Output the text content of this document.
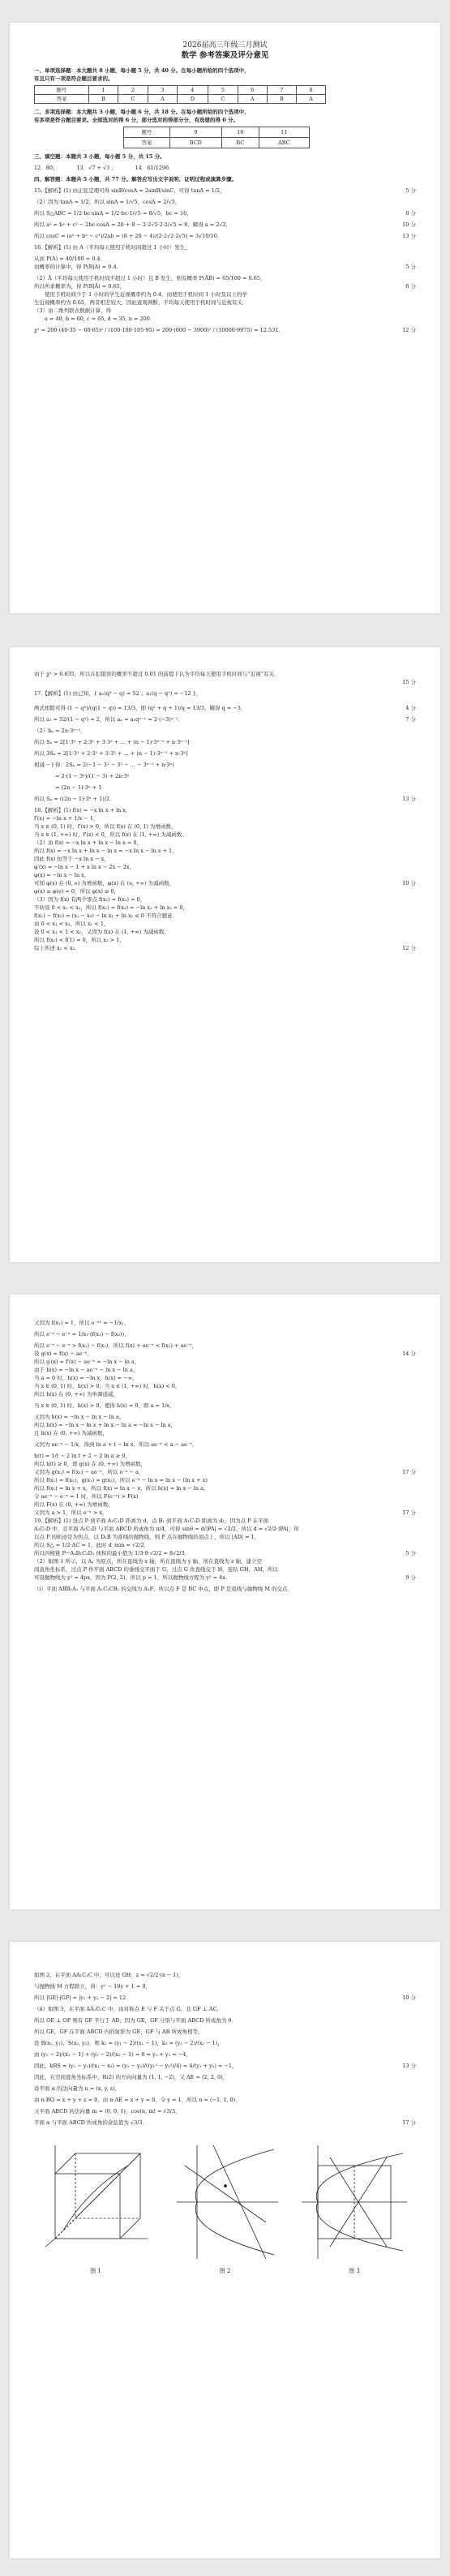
2026届高三年级三月测试
数学 参考答案及评分意见
一、单项选择题：本大题共 8 小题，每小题 5 分，共 40 分。在每小题所给的四个选项中，
有且只有一项是符合题目要求的。
题号	1	2	3	4	5	6	7	8
答案	B	C	A	D	C	A	B	A
二、多项选择题：本大题共 3 小题，每小题 6 分，共 18 分。在每小题所给的四个选项中，
有多项是符合题目要求。全部选对的得 6 分，部分选对的得部分分，有选错的得 0 分。
题号	9	10	11
答案	BCD	BC	ABC
三、填空题：本题共 3 小题，每小题 5 分，共 15 分。
12．80；　　　　13．√7 + √3 ；　　　　14．61/1296．
四、解答题：本题共 5 小题，共 77 分。解答应写出文字说明、证明过程或演算步骤。
5 分
15.【解析】(1) 由正弦定理可得 sinB/cosA = 2sinB/sinC，可得 tanA = 1/2，
（2）因为 tanA = 1/2，所以 sinA = 1/√5，cosA = 2/√5，
8 分
所以 S△ABC = 1/2·bc·sinA = 1/2·bc·1/√5 = 8/√5，bc = 16，
10 分
所以 a² = b² + c² − 2bc·cosA = 20 + 8 − 2·2√5·2·2/√5 = 8，解得 a = 2√2，
13 分
所以 cosC = (a² + b² − c²)/2ab = (8 + 20 − 4)/(2·2√2·2√5) = 3√10/10．
16.【解析】(1) 由 A（平均每天使用手机时间超过 1 小时）发生，
从而 P(A) = 40/100 = 0.4．
5 分
而概率的计算中，得 P(B|A) = 0.4．
（2）Ā（平均每天使用手机时间不超过 1 小时）且 B 发生，则有概率 P(ĀB) = 65/100 = 0.65，
6 分
所以所求概率为，得 P(B|Ā) = 0.65，
　　使用手机时间少于 1 小时的学生近视概率约为 0.4，而使用手机时间 1 小时及以上的学
生近视概率约为 0.65，两者相差较大，因此直观判断，平均每天使用手机时间与近视有关．
（3）由二维列联表数据计算，得
　　a = 40, b = 60, c = 65, d = 35, n = 200．
12 分
χ² = 200·(40·35 − 60·65)² / (100·100·105·95) = 200·(800 − 3900)² / (10000·9975) ≈ 12.531．
由于 χ² > 6.635，所以在犯错误的概率不超过 0.01 的前提下认为平均每天使用手机时间与“近视”有关．
15 分

17.【解析】(1) 由已知，{ a₁(q³ − q) = 52 ；a₁(q − q²) = −12 }，
4 分
两式相除可得 (1 − q³)/(q(1 − q)) = 13/3，即 (q² + q + 1)/q = 13/3，解得 q = −3，
7 分
所以 a₁ = 52/(1 − q³) = 2，所以 aₙ = a₁qⁿ⁻¹ = 2·(−3)ⁿ⁻¹．
（2）bₙ = 2n·3ⁿ⁻¹，
所以 Sₙ = 2[1·3⁰ + 2·3¹ + 3·3² + … + (n − 1)·3ⁿ⁻² + n·3ⁿ⁻¹]
所以 3Sₙ = 2[1·3¹ + 2·3² + 3·3³ + … + (n − 1)·3ⁿ⁻¹ + n·3ⁿ]
相减一下得：2Sₙ = 2(−1 − 3¹ − 3² − … − 3ⁿ⁻¹ + n·3ⁿ)
　　　　= 2·(1 − 3ⁿ)/(1 − 3) + 2n·3ⁿ
　　　　= (2n − 1)·3ⁿ + 1
13 分
所以 Sₙ = ((2n − 1)·3ⁿ + 1)/2．
18.【解析】(1) f(x) = −x ln x + ln x，
f′(x) = −ln x + 1/x − 1，
当 x ∈ (0, 1) 时，f′(x) > 0，所以 f(x) 在 (0, 1) 为增函数，
当 x ∈ (1, +∞) 时，f′(x) < 0，所以 f(x) 在 (1, +∞) 为减函数，
（2）由 f(x) = −x ln x + ln x − ln x = 0，
所以 f(x) = −x ln x + ln x − ln x = −x ln x − ln x + 1，
因此 f(x) 恒等于 −x ln x − x，
φ′(x) = −ln x − 1 + x ln x − 2x − 2x，
φ(x) = −ln x − ln x，
10 分
可知 φ(x) 在 (0, e) 为增函数，φ(x) 在 (e, +∞) 为减函数，
φ(x) ≤ φ(e) = 0，所以 φ(x) ≤ 0，
（3）因为 f(x) 有两个零点 f(x₁) = f(x₂) = 0，
不妨设 0 < x₁ < x₂，所以 f(x₁) = f(x₂) = −ln x₁ + ln x₂ = 0，
f(x₁) − f(x₂) = (x₁ − x₂) − ln x₁ + ln x₂ ≤ 0 不符合题意．
由 0 < x₁ < x₂，所以 x₁ < 1，
设 0 < x₁ < 1 < x₂，又因为 f(x) 在 (1, +∞) 为减函数，
所以 f(x₂) < f(1) = 0，所以 x₂ > 1，
12 分
综上所述 x₁ < x₂．
又因为 f(x₁) = 1，所以 e⁻ˣ¹ = −1/x₁，
所以 e⁻ˣ − e⁻ˣ = 1/x₁·(f(x₁) − f(x₂))，
所以 e⁻ˣ − e⁻ˣ > f(x₁) − f(x₂)．所以 f(x) + ae⁻ˣ < f(x₂) + ae⁻ˣ，
14 分
设 g(x) = f(x) − ae⁻ˣ，
所以 g′(x) = f′(x) − ae⁻ˣ = −ln x − ln a，
由于 h(x) = −ln x − ae⁻ˣ − ln x − ln a，
当 a = 0 时，h(x) = −ln x，h(x) = −∞，
当 x ∈ (0, 1) 时，h(x) > 0；当 x ∈ (1, +∞) 时，h(x) < 0，
所以 h(x) 在 (0, +∞) 为单调递减，
当 x ∈ (0, 1) 时，h(x) > 0，使得 h(x) = 0，即 a = 1/x，
又因为 h(x) = −ln x − ln x − ln a，
所以 h(x) = −ln x − ln x + ln x − ln a = −ln x − ln a，
且 h(x) 在 (0, +∞) 为减函数，
又因为 ae⁻ˣ − 1/x，得到 ln a + t − ln x，所以 ae⁻ˣ < a − ae⁻ˣ，
h(t) = 1/t − 2 ln t + 2 − 2 ln a ≥ 0，
所以 h(t) ≥ 0，即 g(x) 在 (0, +∞) 为增函数，
17 分
又因为 g(x₁) = f(x₁) − ae⁻ˣ，所以 e⁻ˣ − a，
所以 f(x₁) = f(x₂)，g(x₁) = g(x₂)，所以 e⁻ˣ − ln x = ln x − (ln x + x)
所以 f(x₁) = ln x + x，所以 f(x) = ln x − x，所以 h(x) = ln x − ln a，
令 ae⁻ˣ − e⁻ˣ = 1 时，所以 F(e⁻ˣ) > F(x)
所以 F(x) 在 (0, +∞) 为增函数，
17 分
又因为 a > 1，所以 e⁻ˣ > x，
19.【解析】(1) 设点 P 到平面 A₁C₁D 距离为 d，点 B₁ 到平面 A₁C₁D 距离为 d₁，因为点 P 在平面
A₁C₁D 中，且平面 A₁C₁D 与平面 ABCD 所成角为 π/4，可得 sinθ = d/|PA| = √2/2，所以 d = √2/2·|PA|，所
以点 P 的轨迹是为焦点，以 D₁B 为准线的抛物线，则 P 点在抛物线的顶点上，所以 |AD| = 1，
所以 S△ = 1/2·AC = 1，此时 d_min = √2/2．
5 分
所以四棱锥 P−A₁B₁C₁D₁ 体积的最小值为 1/3·8·√2/2 = 8√2/3．
（2）如图 1 所示，以 A₁ 为原点，所在直线为 x 轴，所在直线为 y 轴，所在直线为 z 轴，建立空
间直角坐标系，过点 P 作平面 ABCD 的垂线交平面于 G，过点 G 作直线交于 H，连结 GH，AH，所以
9 分
可设抛物线为 y² = 4px，因为 P(2, 2)，所以 p = 1，所以抛物线方程为 y² = 4x．
（i）平面 ABB₁A₁ 与平面 A₁C₁CB₁ 的交线为 A₁F，所以点 F 是 BC 中点，即 P 是直线与抛物线 M 的交点．
如图 2，在平面 AA₁C₁C 中，可以设 GH：z = √2/2·(x − 1)，
与抛物线 M 方程联立，得：y² − 10y + 1 = 0，
10 分
所以 |GE|·|GF| = |y₁ + y₂ − 2| = 12．
（ii）如图 3，在平面 AA₁C₁C 中，由对称点 E 与 F 关于点 G，且 GF ⊥ AC，
所以 OE ⊥ OF 则有 GF 平行于 AB，因为 GE，GF 分别与平面 ABCD 所成角为 θ．
所以 GE，GF 在平面 ABCD 内的射影为 GE，GF 与 AB 所成角相等，
设 R(x₁, y₁)，S(x₂, y₂)，则 k₁ = (y₁ − 2)/(x₁ − 1)，k₂ = (y₂ − 2)/(x₂ − 1)，
由 (y₁ − 2)/(x₁ − 1) + (y₂ − 2)/(x₂ − 1) = 0 ⇒ y₁ + y₂ = −4，
13 分
因此，kRS = (y₁ − y₂)/(x₁ − x₂) = (y₁ − y₂)/((y₁² − y₂²)/4) = 4/(y₁ + y₂) = −1，
因此，在空间直角坐标系中，R(2) 的方向向量为 (1, 1, −2)，又 AE = (2, 2, 0)，
设平面 α 的法向量为 n = (x, y, z)，
由 n·RQ = x + y + z = 0，由 n·AE = x + y = 0，令 y = 1，所以 n = (−1, 1, 0)，
又平面 ABCD 的法向量 m = (0, 0, 1)，cos⟨n, m⟩ = √3/3，
17 分
平面 α 与平面 ABCD 所成角的余弦值为 √3/3．
图 1	图 2	图 3
